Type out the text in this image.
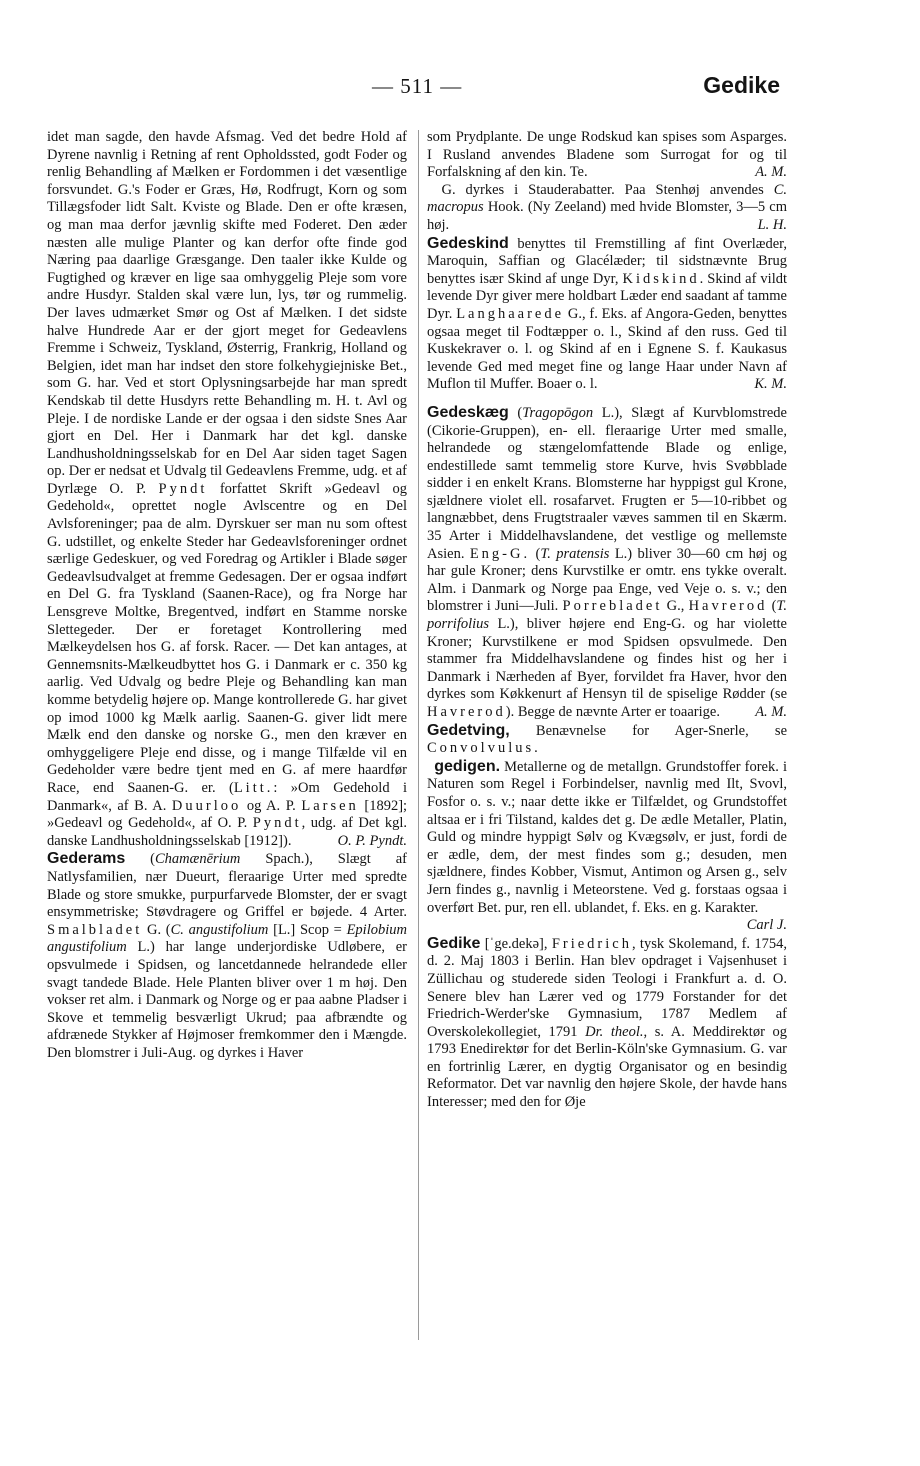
— 511 —	Gedike

idet man sagde, den havde Afsmag. Ved det bedre Hold af Dyrene navnlig i Retning af rent Opholdssted, godt Foder og renlig Behandling af Mælken er Fordommen i det væsentlige forsvundet. G.'s Foder er Græs, Hø, Rodfrugt, Korn og som Tillægsfoder lidt Salt. Kviste og Blade. Den er ofte kræsen, og man maa derfor jævnlig skifte med Foderet. Den æder næsten alle mulige Planter og kan derfor ofte finde god Næring paa daarlige Græsgange. Den taaler ikke Kulde og Fugtighed og kræver en lige saa omhyggelig Pleje som vore andre Husdyr. Stalden skal være lun, lys, tør og rummelig. Der laves udmærket Smør og Ost af Mælken. I det sidste halve Hundrede Aar er der gjort meget for Gedeavlens Fremme i Schweiz, Tyskland, Østerrig, Frankrig, Holland og Belgien, idet man har indset den store folkehygiejniske Bet., som G. har. Ved et stort Oplysningsarbejde har man spredt Kendskab til dette Husdyrs rette Behandling m. H. t. Avl og Pleje. I de nordiske Lande er der ogsaa i den sidste Snes Aar gjort en Del. Her i Danmark har det kgl. danske Landhusholdningsselskab for en Del Aar siden taget Sagen op. Der er nedsat et Udvalg til Gedeavlens Fremme, udg. et af Dyrlæge O. P. Pyndt forfattet Skrift »Gedeavl og Gedehold«, oprettet nogle Avlscentre og en Del Avlsforeninger; paa de alm. Dyrskuer ser man nu som oftest G. udstillet, og enkelte Steder har Gedeavlsforeninger ordnet særlige Gedeskuer, og ved Foredrag og Artikler i Blade søger Gedeavlsudvalget at fremme Gedesagen. Der er ogsaa indført en Del G. fra Tyskland (Saanen-Race), og fra Norge har Lensgreve Moltke, Bregentved, indført en Stamme norske Slettegeder. Der er foretaget Kontrollering med Mælkeydelsen hos G. af forsk. Racer. — Det kan antages, at Gennemsnits-Mælkeudbyttet hos G. i Danmark er c. 350 kg aarlig. Ved Udvalg og bedre Pleje og Behandling kan man komme betydelig højere op. Mange kontrollerede G. har givet op imod 1000 kg Mælk aarlig. Saanen-G. giver lidt mere Mælk end den danske og norske G., men den kræver en omhyggeligere Pleje end disse, og i mange Tilfælde vil en Gedeholder være bedre tjent med en G. af mere haardfør Race, end Saanen-G. er. (Litt.: »Om Gedehold i Danmark«, af B. A. Duurloo og A. P. Larsen [1892]; »Gedeavl og Gedehold«, af O. P. Pyndt, udg. af Det kgl. danske Landhusholdningsselskab [1912]).	O. P. Pyndt.

Gederams (Chamænērium Spach.), Slægt af Natlysfamilien, nær Dueurt, fleraarige Urter med spredte Blade og store smukke, purpurfarvede Blomster, der er svagt ensymmetriske; Støvdragere og Griffel er bøjede. 4 Arter. Smalbladet G. (C. angustifolium [L.] Scop = Epilobium angustifolium L.) har lange underjordiske Udløbere, er opsvulmede i Spidsen, og lancetdannede helrandede eller svagt tandede Blade. Hele Planten bliver over 1 m høj. Den vokser ret alm. i Danmark og Norge og er paa aabne Pladser i Skove et temmelig besværligt Ukrud; paa afbrændte og afdrænede Stykker af Højmoser fremkommer den i Mængde. Den blomstrer i Juli-Aug. og dyrkes i Haver

som Prydplante. De unge Rodskud kan spises som Asparges. I Rusland anvendes Bladene som Surrogat for og til Forfalskning af den kin. Te.	A. M.

 G. dyrkes i Stauderabatter. Paa Stenhøj anvendes C. macropus Hook. (Ny Zeeland) med hvide Blomster, 3—5 cm høj.	L. H.

Gedeskind benyttes til Fremstilling af fint Overlæder, Maroquin, Saffian og Glacélæder; til sidstnævnte Brug benyttes især Skind af unge Dyr, Kidskind. Skind af vildt levende Dyr giver mere holdbart Læder end saadant af tamme Dyr. Langhaarede G., f. Eks. af Angora-Geden, benyttes ogsaa meget til Fodtæpper o. l., Skind af den russ. Ged til Kuskekraver o. l. og Skind af en i Egnene S. f. Kaukasus levende Ged med meget fine og lange Haar under Navn af Muflon til Muffer. Boaer o. l.	K. M.

Gedeskæg (Tragopōgon L.), Slægt af Kurvblomstrede (Cikorie-Gruppen), en- ell. fleraarige Urter med smalle, helrandede og stængelomfattende Blade og enlige, endestillede samt temmelig store Kurve, hvis Svøbblade sidder i en enkelt Krans. Blomsterne har hyppigst gul Krone, sjældnere violet ell. rosafarvet. Frugten er 5—10-ribbet og langnæbbet, dens Frugtstraaler væves sammen til en Skærm. 35 Arter i Middelhavslandene, det vestlige og mellemste Asien. Eng-G. (T. pratensis L.) bliver 30—60 cm høj og har gule Kroner; dens Kurvstilke er omtr. ens tykke overalt. Alm. i Danmark og Norge paa Enge, ved Veje o. s. v.; den blomstrer i Juni—Juli. Porrebladet G., Havrerod (T. porrifolius L.), bliver højere end Eng-G. og har violette Kroner; Kurvstilkene er mod Spidsen opsvulmede. Den stammer fra Middelhavslandene og findes hist og her i Danmark i Nærheden af Byer, forvildet fra Haver, hvor den dyrkes som Køkkenurt af Hensyn til de spiselige Rødder (se Havrerod). Begge de nævnte Arter er toaarige. A. M.

Gedetving, Benævnelse for Ager-Snerle, se Convolvulus.

 gedigen. Metallerne og de metallgn. Grundstoffer forek. i Naturen som Regel i Forbindelser, navnlig med Ilt, Svovl, Fosfor o. s. v.; naar dette ikke er Tilfældet, og Grundstoffet altsaa er i fri Tilstand, kaldes det g. De ædle Metaller, Platin, Guld og mindre hyppigt Sølv og Kvægsølv, er just, fordi de er ædle, dem, der mest findes som g.; desuden, men sjældnere, findes Kobber, Vismut, Antimon og Arsen g., selv Jern findes g., navnlig i Meteorstene. Ved g. forstaas ogsaa i overført Bet. pur, ren ell. ublandet, f. Eks. en g. Karakter.
Carl J.

Gedike [ˈge.dekə], Friedrich, tysk Skolemand, f. 1754, d. 2. Maj 1803 i Berlin. Han blev opdraget i Vajsenhuset i Züllichau og studerede siden Teologi i Frankfurt a. d. O. Senere blev han Lærer ved og 1779 Forstander for det Friedrich-Werder'ske Gymnasium, 1787 Medlem af Overskolekollegiet, 1791 Dr. theol., s. A. Meddirektør og 1793 Enedirektør for det Berlin-Köln'ske Gymnasium. G. var en fortrinlig Lærer, en dygtig Organisator og en besindig Reformator. Det var navnlig den højere Skole, der havde hans Interesser; med den for Øje
